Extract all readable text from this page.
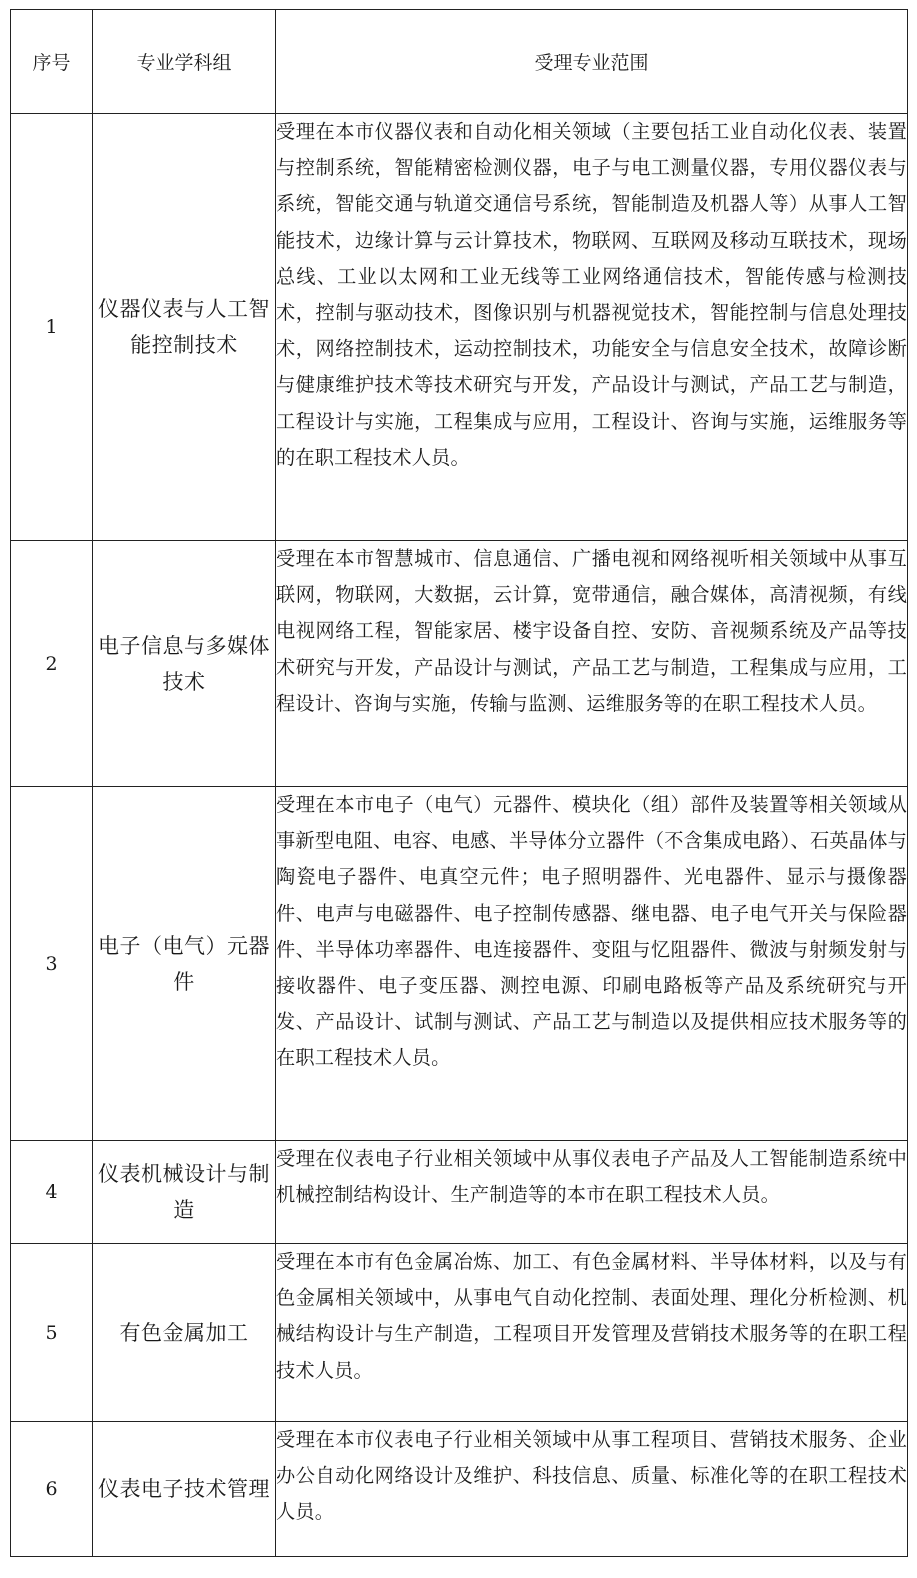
序号	专业学科组	受理专业范围
1	仪器仪表与人工智能控制技术	受理在本市仪器仪表和自动化相关领域（主要包括工业自动化仪表、装置与控制系统，智能精密检测仪器，电子与电工测量仪器，专用仪器仪表与系统，智能交通与轨道交通信号系统，智能制造及机器人等）从事人工智能技术，边缘计算与云计算技术，物联网、互联网及移动互联技术，现场总线、工业以太网和工业无线等工业网络通信技术，智能传感与检测技术，控制与驱动技术，图像识别与机器视觉技术，智能控制与信息处理技术，网络控制技术，运动控制技术，功能安全与信息安全技术，故障诊断与健康维护技术等技术研究与开发，产品设计与测试，产品工艺与制造，工程设计与实施，工程集成与应用，工程设计、咨询与实施，运维服务等的在职工程技术人员。
2	电子信息与多媒体技术	受理在本市智慧城市、信息通信、广播电视和网络视听相关领域中从事互联网，物联网，大数据，云计算，宽带通信，融合媒体，高清视频，有线电视网络工程，智能家居、楼宇设备自控、安防、音视频系统及产品等技术研究与开发，产品设计与测试，产品工艺与制造，工程集成与应用，工程设计、咨询与实施，传输与监测、运维服务等的在职工程技术人员。
3	电子（电气）元器件	受理在本市电子（电气）元器件、模块化（组）部件及装置等相关领域从事新型电阻、电容、电感、半导体分立器件（不含集成电路）、石英晶体与陶瓷电子器件、电真空元件；电子照明器件、光电器件、显示与摄像器件、电声与电磁器件、电子控制传感器、继电器、电子电气开关与保险器件、半导体功率器件、电连接器件、变阻与忆阻器件、微波与射频发射与接收器件、电子变压器、测控电源、印刷电路板等产品及系统研究与开发、产品设计、试制与测试、产品工艺与制造以及提供相应技术服务等的在职工程技术人员。
4	仪表机械设计与制造	受理在仪表电子行业相关领域中从事仪表电子产品及人工智能制造系统中机械控制结构设计、生产制造等的本市在职工程技术人员。
5	有色金属加工	受理在本市有色金属冶炼、加工、有色金属材料、半导体材料，以及与有色金属相关领域中，从事电气自动化控制、表面处理、理化分析检测、机械结构设计与生产制造，工程项目开发管理及营销技术服务等的在职工程技术人员。
6	仪表电子技术管理	受理在本市仪表电子行业相关领域中从事工程项目、营销技术服务、企业办公自动化网络设计及维护、科技信息、质量、标准化等的在职工程技术人员。
